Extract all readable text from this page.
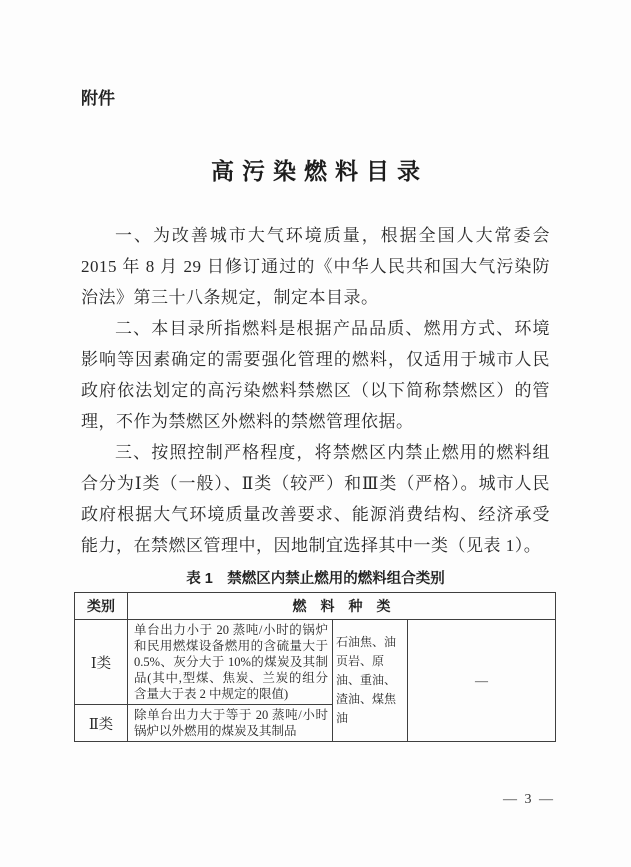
附件
高污染燃料目录

一、为改善城市大气环境质量，根据全国人大常委会 2015 年 8 月 29 日修订通过的《中华人民共和国大气污染防治法》第三十八条规定，制定本目录。

二、本目录所指燃料是根据产品品质、燃用方式、环境影响等因素确定的需要强化管理的燃料，仅适用于城市人民政府依法划定的高污染燃料禁燃区（以下简称禁燃区）的管理，不作为禁燃区外燃料的禁燃管理依据。

三、按照控制严格程度，将禁燃区内禁止燃用的燃料组合分为Ⅰ类（一般）、Ⅱ类（较严）和Ⅲ类（严格）。城市人民政府根据大气环境质量改善要求、能源消费结构、经济承受能力，在禁燃区管理中，因地制宜选择其中一类（见表 1）。

表 1　禁燃区内禁止燃用的燃料组合类别
类别	燃　料　种　类		
Ⅰ类	单台出力小于 20 蒸吨/小时的锅炉和民用燃煤设备燃用的含硫量大于 0.5%、灰分大于 10%的煤炭及其制品(其中,型煤、焦炭、兰炭的组分含量大于表 2 中规定的限值)	石油焦、油页岩、原油、重油、渣油、煤焦油	—
Ⅱ类	除单台出力大于等于 20 蒸吨/小时锅炉以外燃用的煤炭及其制品		
— 3 —
